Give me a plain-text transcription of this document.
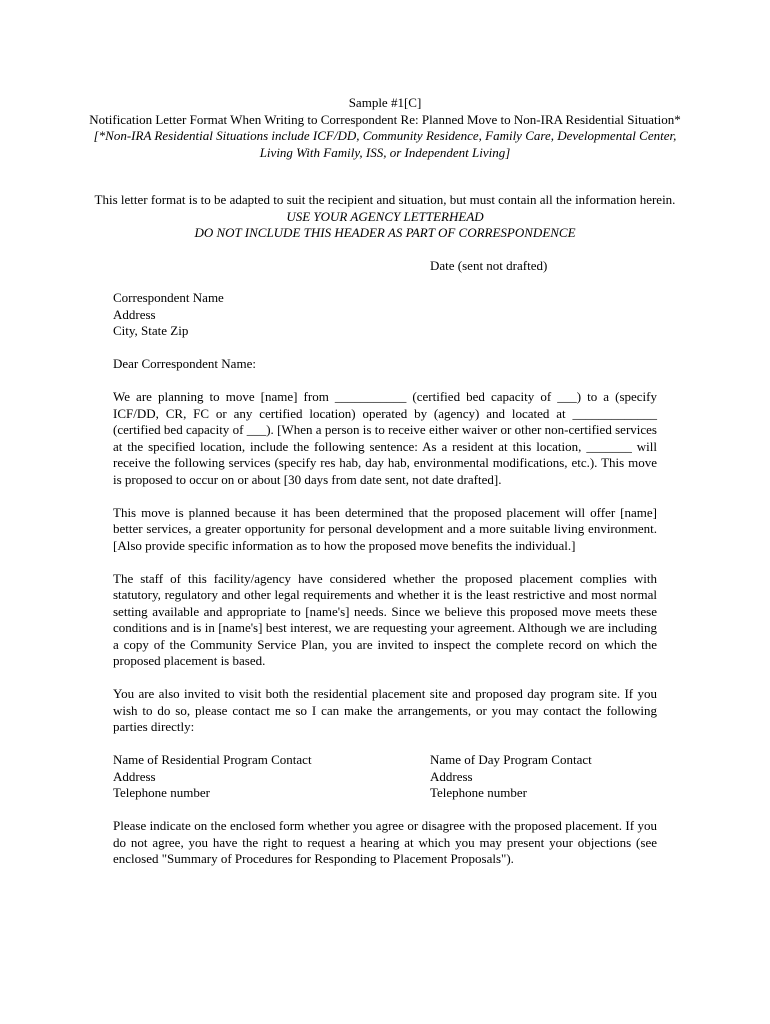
Sample #1[C]
Notification Letter Format When Writing to Correspondent Re: Planned Move to Non-IRA Residential Situation*
[*Non-IRA Residential Situations include ICF/DD, Community Residence, Family Care, Developmental Center,
Living With Family, ISS, or Independent Living]
This letter format is to be adapted to suit the recipient and situation, but must contain all the information herein.
USE YOUR AGENCY LETTERHEAD
DO NOT INCLUDE THIS HEADER AS PART OF CORRESPONDENCE
Date (sent not drafted)
Correspondent Name
Address
City, State Zip
Dear Correspondent Name:

We are planning to move [name] from ___________ (certified bed capacity of ___) to a (specify ICF/DD, CR, FC or any certified location) operated by (agency) and located at _____________ (certified bed capacity of ___). [When a person is to receive either waiver or other non-certified services at the specified location, include the following sentence: As a resident at this location, _______ will receive the following services (specify res hab, day hab, environmental modifications, etc.). This move is proposed to occur on or about [30 days from date sent, not date drafted].

This move is planned because it has been determined that the proposed placement will offer [name] better services, a greater opportunity for personal development and a more suitable living environment. [Also provide specific information as to how the proposed move benefits the individual.]

The staff of this facility/agency have considered whether the proposed placement complies with statutory, regulatory and other legal requirements and whether it is the least restrictive and most normal setting available and appropriate to [name's] needs. Since we believe this proposed move meets these conditions and is in [name's] best interest, we are requesting your agreement. Although we are including a copy of the Community Service Plan, you are invited to inspect the complete record on which the proposed placement is based.

You are also invited to visit both the residential placement site and proposed day program site. If you wish to do so, please contact me so I can make the arrangements, or you may contact the following parties directly:

Name of Residential Program Contact
Address
Telephone number
Name of Day Program Contact
Address
Telephone number

Please indicate on the enclosed form whether you agree or disagree with the proposed placement. If you do not agree, you have the right to request a hearing at which you may present your objections (see enclosed "Summary of Procedures for Responding to Placement Proposals").
